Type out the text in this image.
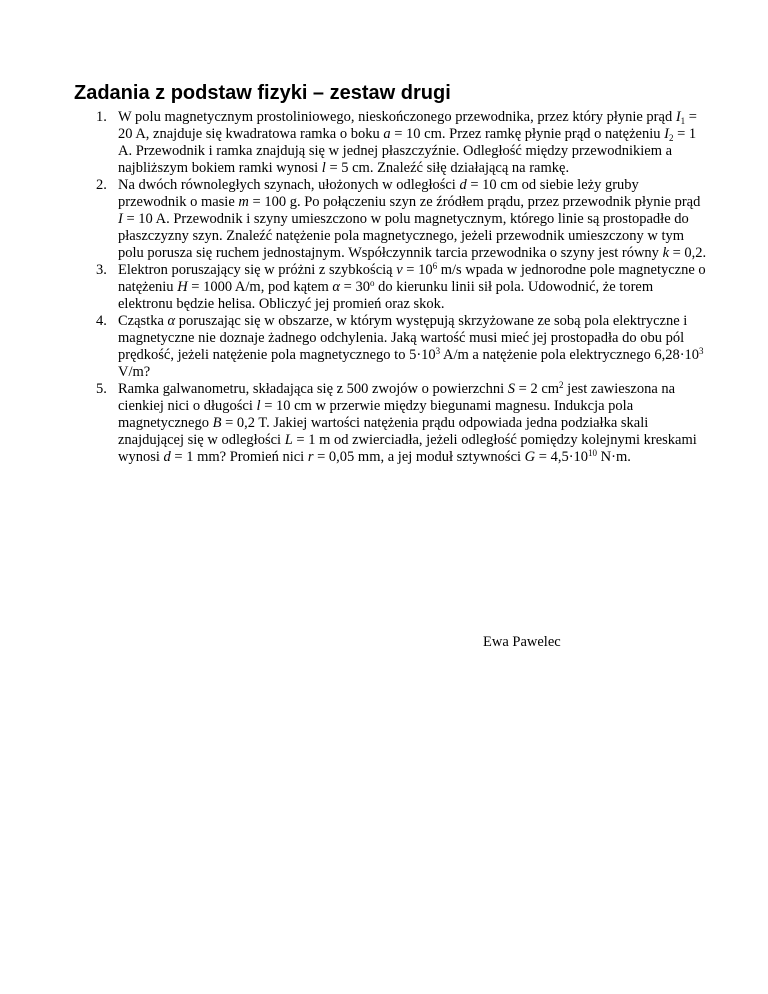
Zadania z podstaw fizyki – zestaw drugi
1. W polu magnetycznym prostoliniowego, nieskończonego przewodnika, przez który płynie prąd $I_1 = 20$ A, znajduje się kwadratowa ramka o boku a = 10 cm. Przez ramkę płynie prąd o natężeniu $I_2 = 1$ A. Przewodnik i ramka znajdują się w jednej płaszczyźnie. Odległość między przewodnikiem a najbliższym bokiem ramki wynosi l = 5 cm. Znaleźć siłę działającą na ramkę.
2. Na dwóch równoległych szynach, ułożonych w odległości d = 10 cm od siebie leży gruby przewodnik o masie m = 100 g. Po połączeniu szyn ze źródłem prądu, przez przewodnik płynie prąd I = 10 A. Przewodnik i szyny umieszczono w polu magnetycznym, którego linie są prostopadłe do płaszczyzny szyn. Znaleźć natężenie pola magnetycznego, jeżeli przewodnik umieszczony w tym polu porusza się ruchem jednostajnym. Współczynnik tarcia przewodnika o szyny jest równy k = 0,2.
3. Elektron poruszający się w próżni z szybkością $v = 10^6$ m/s wpada w jednorodne pole magnetyczne o natężeniu H = 1000 A/m, pod kątem $\alpha = 30^o$ do kierunku linii sił pola. Udowodnić, że torem elektronu będzie helisa. Obliczyć jej promień oraz skok.
4. Cząstka α poruszając się w obszarze, w którym występują skrzyżowane ze sobą pola elektryczne i magnetyczne nie doznaje żadnego odchylenia. Jaką wartość musi mieć jej prostopadła do obu pól prędkość, jeżeli natężenie pola magnetycznego to $5\cdot 10^3$ A/m a natężenie pola elektrycznego $6,28\cdot 10^3$ V/m?
5. Ramka galwanometru, składająca się z 500 zwojów o powierzchni S = 2 $cm^2$ jest zawieszona na cienkiej nici o długości l = 10 cm w przerwie między biegunami magnesu. Indukcja pola magnetycznego B = 0,2 T. Jakiej wartości natężenia prądu odpowiada jedna podziałka skali znajdującej się w odległości L = 1 m od zwierciadła, jeżeli odległość pomiędzy kolejnymi kreskami wynosi d = 1 mm? Promień nici r = 0,05 mm, a jej moduł sztywności $G = 4,5\cdot 10^{10}$ N·m.
Ewa Pawelec
